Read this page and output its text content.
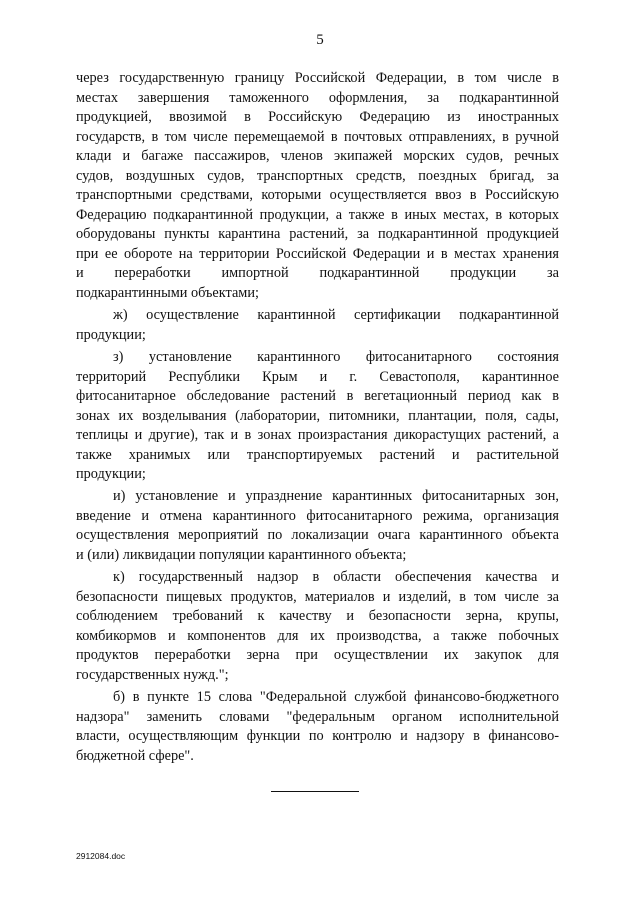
5
через государственную границу Российской Федерации, в том числе в
местах завершения таможенного оформления, за подкарантинной
продукцией, ввозимой в Российскую Федерацию из иностранных
государств, в том числе перемещаемой в почтовых отправлениях, в ручной
клади и багаже пассажиров, членов экипажей морских судов, речных
судов, воздушных судов, транспортных средств, поездных бригад, за
транспортными средствами, которыми осуществляется ввоз в Российскую
Федерацию подкарантинной продукции, а также в иных местах, в которых
оборудованы пункты карантина растений, за подкарантинной продукцией
при ее обороте на территории Российской Федерации и в местах хранения
и переработки импортной подкарантинной продукции за
подкарантинными объектами;
ж) осуществление карантинной сертификации подкарантинной
продукции;
з) установление карантинного фитосанитарного состояния
территорий Республики Крым и г. Севастополя, карантинное
фитосанитарное обследование растений в вегетационный период как в
зонах их возделывания (лаборатории, питомники, плантации, поля, сады,
теплицы и другие), так и в зонах произрастания дикорастущих растений, а
также хранимых или транспортируемых растений и растительной
продукции;
и) установление и упразднение карантинных фитосанитарных зон,
введение и отмена карантинного фитосанитарного режима, организация
осуществления мероприятий по локализации очага карантинного объекта
и (или) ликвидации популяции карантинного объекта;
к) государственный надзор в области обеспечения качества и
безопасности пищевых продуктов, материалов и изделий, в том числе за
соблюдением требований к качеству и безопасности зерна, крупы,
комбикормов и компонентов для их производства, а также побочных
продуктов переработки зерна при осуществлении их закупок для
государственных нужд.";
б) в пункте 15 слова "Федеральной службой финансово-бюджетного
надзора" заменить словами "федеральным органом исполнительной
власти, осуществляющим функции по контролю и надзору в финансово-
бюджетной сфере".
2912084.doc
